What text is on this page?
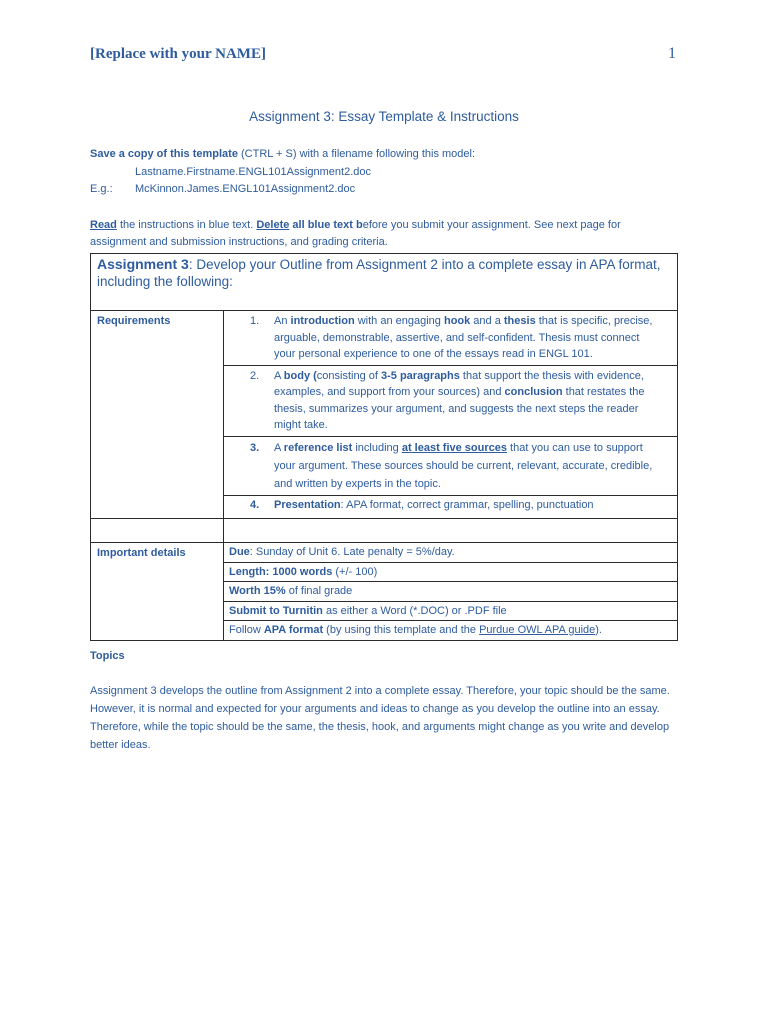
[Replace with your NAME]	1
Assignment 3: Essay Template & Instructions
Save a copy of this template (CTRL + S) with a filename following this model:
Lastname.Firstname.ENGL101Assignment2.doc
E.g.:	McKinnon.James.ENGL101Assignment2.doc
Read the instructions in blue text. Delete all blue text before you submit your assignment. See next page for assignment and submission instructions, and grading criteria.
Assignment 3: Develop your Outline from Assignment 2 into a complete essay in APA format, including the following:	
Requirements	1. An introduction with an engaging hook and a thesis that is specific, precise, arguable, demonstrable, assertive, and self-confident. Thesis must connect your personal experience to one of the essays read in ENGL 101.

	2. A body (consisting of 3-5 paragraphs that support the thesis with evidence, examples, and support from your sources) and conclusion that restates the thesis, summarizes your argument, and suggests the next steps the reader might take.

	3. A reference list including at least five sources that you can use to support your argument. These sources should be current, relevant, accurate, credible, and written by experts in the topic.

	4. Presentation: APA format, correct grammar, spelling, punctuation

Important details	Due: Sunday of Unit 6. Late penalty = 5%/day.
	Length: 1000 words (+/- 100)
	Worth 15% of final grade
	Submit to Turnitin as either a Word (*.DOC) or .PDF file
	Follow APA format (by using this template and the Purdue OWL APA guide).
Topics
Assignment 3 develops the outline from Assignment 2 into a complete essay. Therefore, your topic should be the same. However, it is normal and expected for your arguments and ideas to change as you develop the outline into an essay. Therefore, while the topic should be the same, the thesis, hook, and arguments might change as you write and develop better ideas.
